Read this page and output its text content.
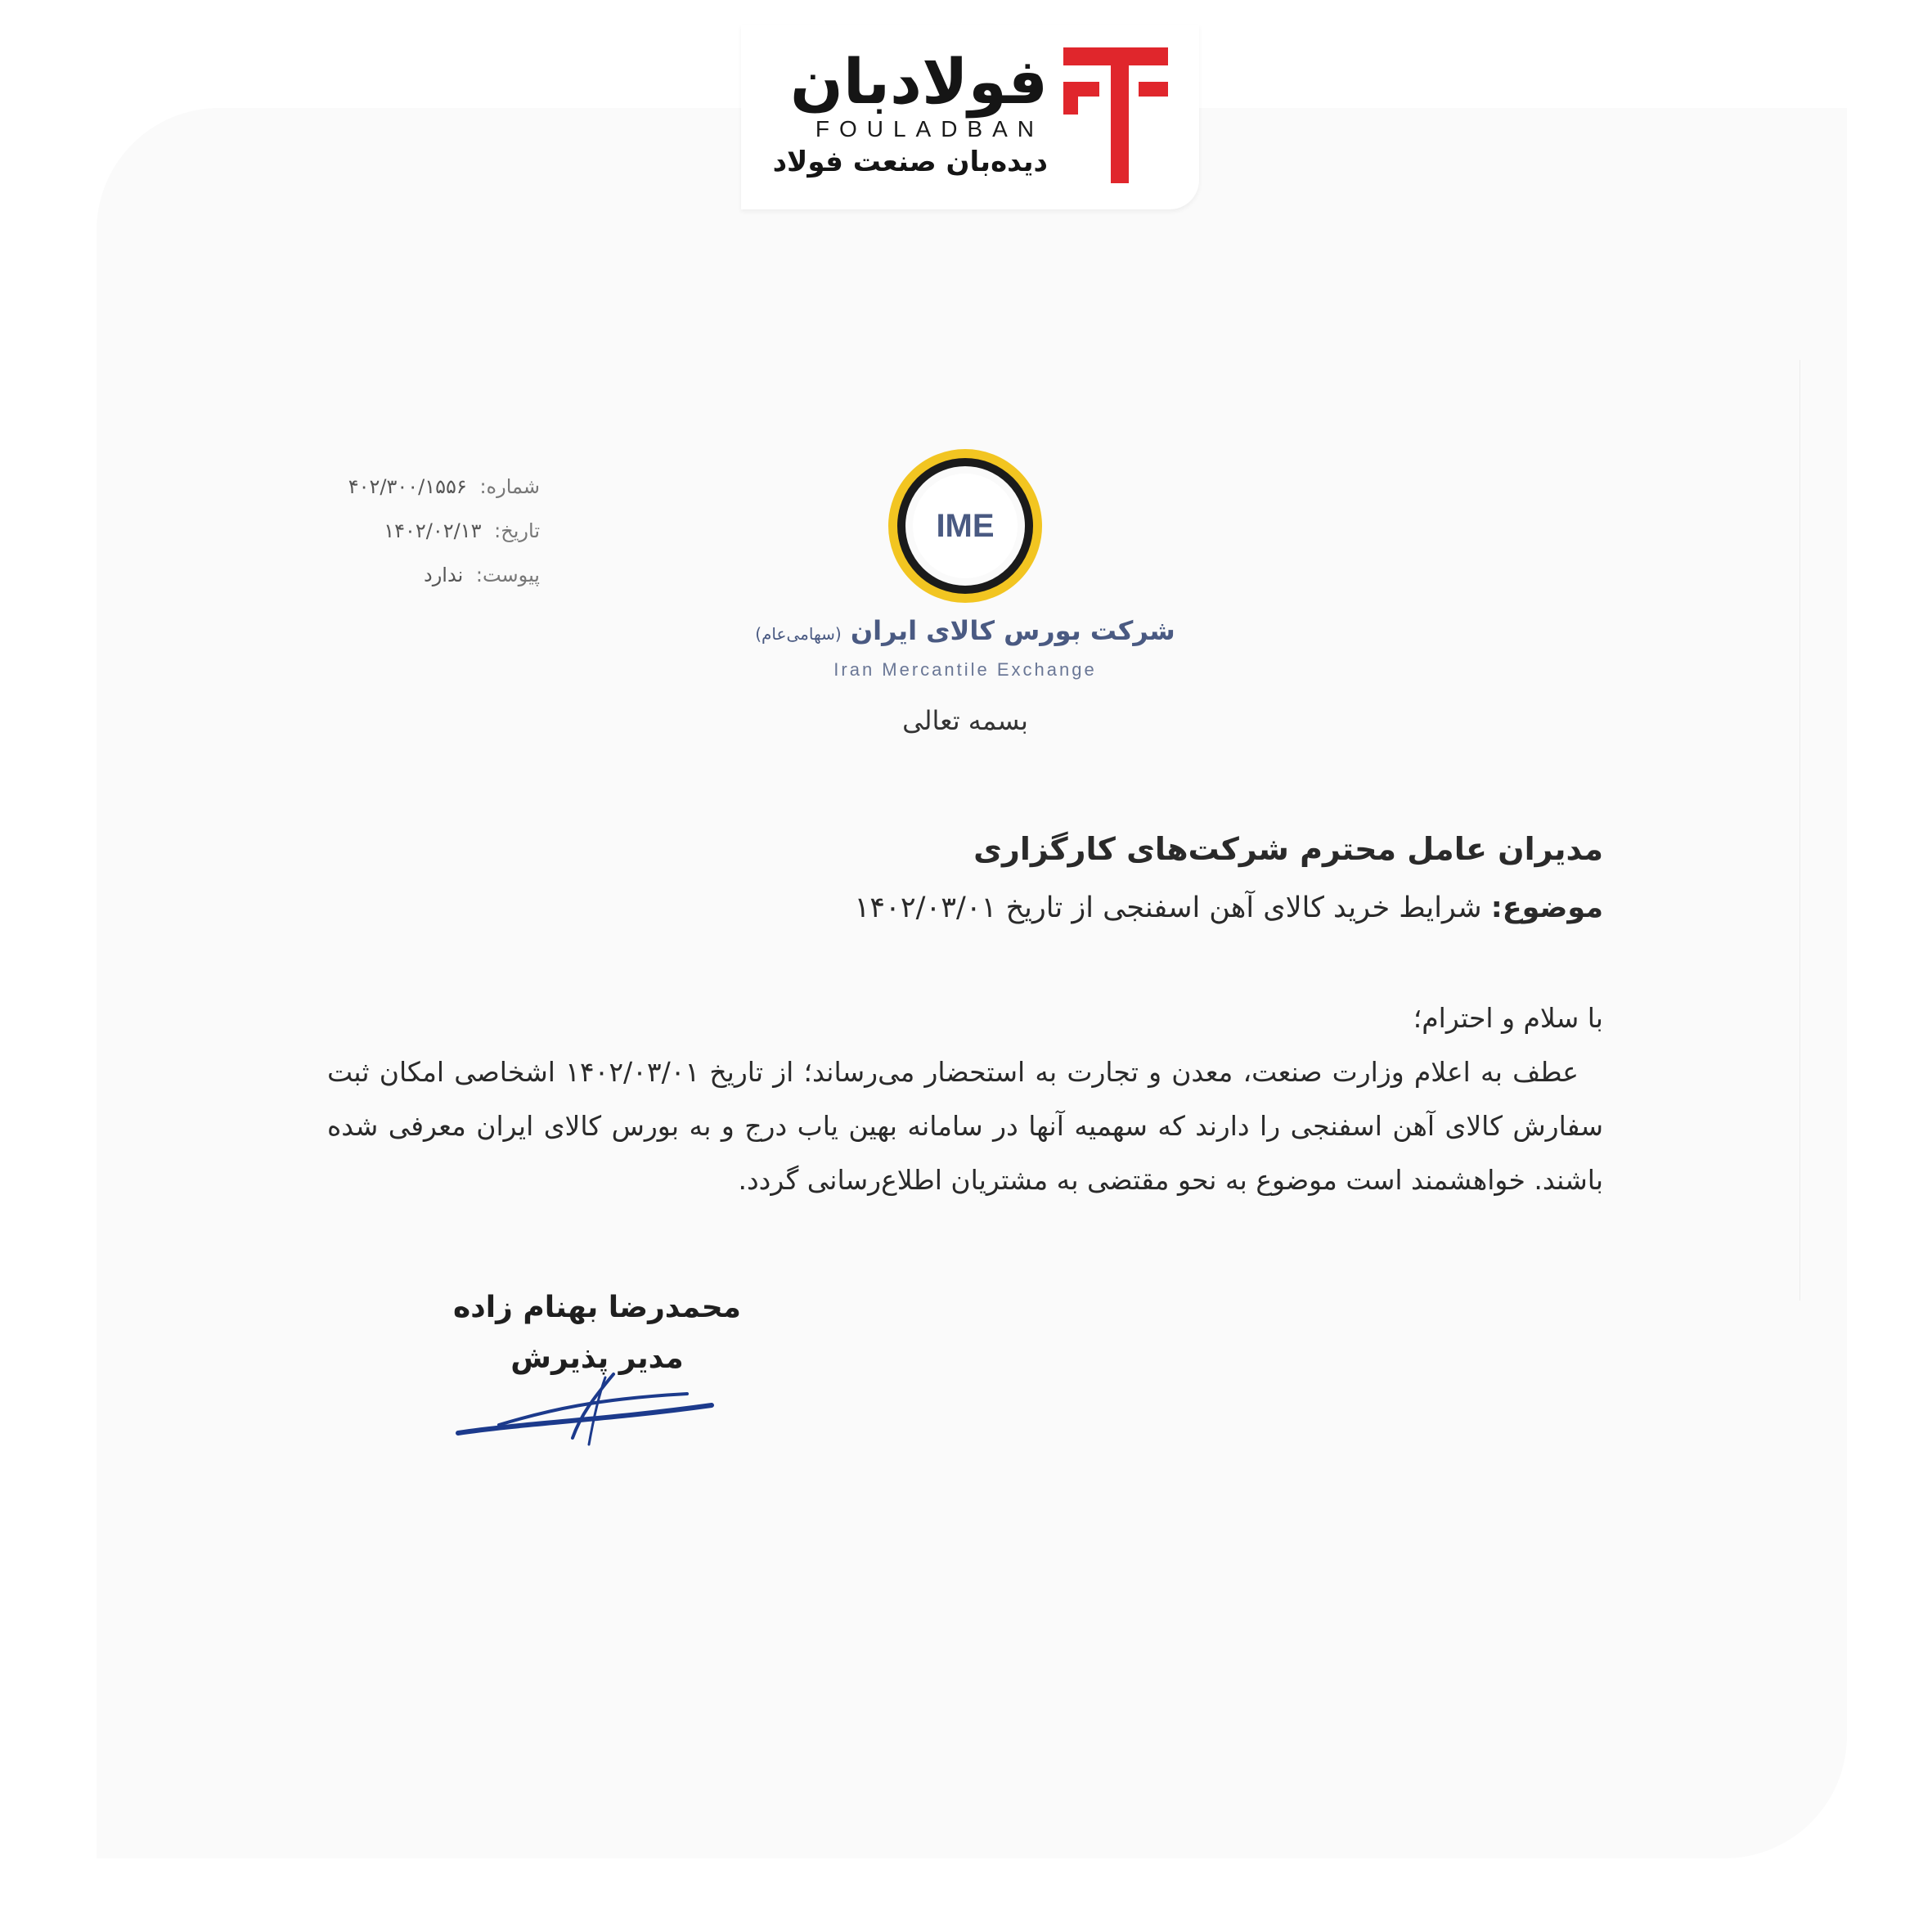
فولادبان
FOULADBAN
دیده‌بان صنعت فولاد
IME
شرکت بورس کالای ایران (سهامی‌عام)
Iran Mercantile Exchange
شماره: ۴۰۲/۳۰۰/۱۵۵۶
تاریخ: ۱۴۰۲/۰۲/۱۳
پیوست: ندارد
بسمه تعالی
مدیران عامل محترم شرکت‌های کارگزاری
موضوع: شرایط خرید کالای آهن اسفنجی از تاریخ ۱۴۰۲/۰۳/۰۱
با سلام و احترام؛
عطف به اعلام وزارت صنعت، معدن و تجارت به استحضار می‌رساند؛ از تاریخ ۱۴۰۲/۰۳/۰۱ اشخاصی امکان ثبت سفارش کالای آهن اسفنجی را دارند که سهمیه آنها در سامانه بهین یاب درج و به بورس کالای ایران معرفی شده باشند. خواهشمند است موضوع به نحو مقتضی به مشتریان اطلاع‌رسانی گردد.
محمدرضا بهنام زاده
مدیر پذیرش
